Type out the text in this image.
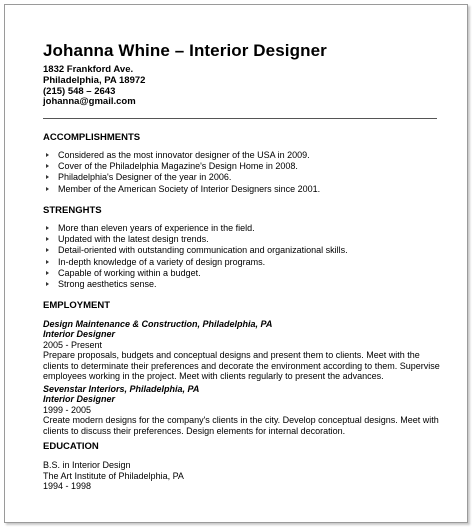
Johanna Whine – Interior Designer
1832 Frankford Ave.
Philadelphia, PA 18972
(215) 548 – 2643
johanna@gmail.com
ACCOMPLISHMENTS
Considered as the most innovator designer of the USA in 2009.
Cover of the Philadelphia Magazine's Design Home in 2008.
Philadelphia's Designer of the year in 2006.
Member of the American Society of Interior Designers since 2001.
STRENGHTS
More than eleven years of experience in the field.
Updated with the latest design trends.
Detail-oriented with outstanding communication and organizational skills.
In-depth knowledge of a variety of design programs.
Capable of working within a budget.
Strong aesthetics sense.
EMPLOYMENT
Design Maintenance & Construction, Philadelphia, PA
Interior Designer
2005 - Present
Prepare proposals, budgets and conceptual designs and present them to clients. Meet with the clients to determinate their preferences and decorate the environment according to them. Supervise employees working in the project. Meet with clients regularly to present the advances.
Sevenstar Interiors, Philadelphia, PA
Interior Designer
1999 - 2005
Create modern designs for the company's clients in the city. Develop conceptual designs. Meet with clients to discuss their preferences. Design elements for internal decoration.
EDUCATION
B.S. in Interior Design
The Art Institute of Philadelphia, PA
1994 - 1998
